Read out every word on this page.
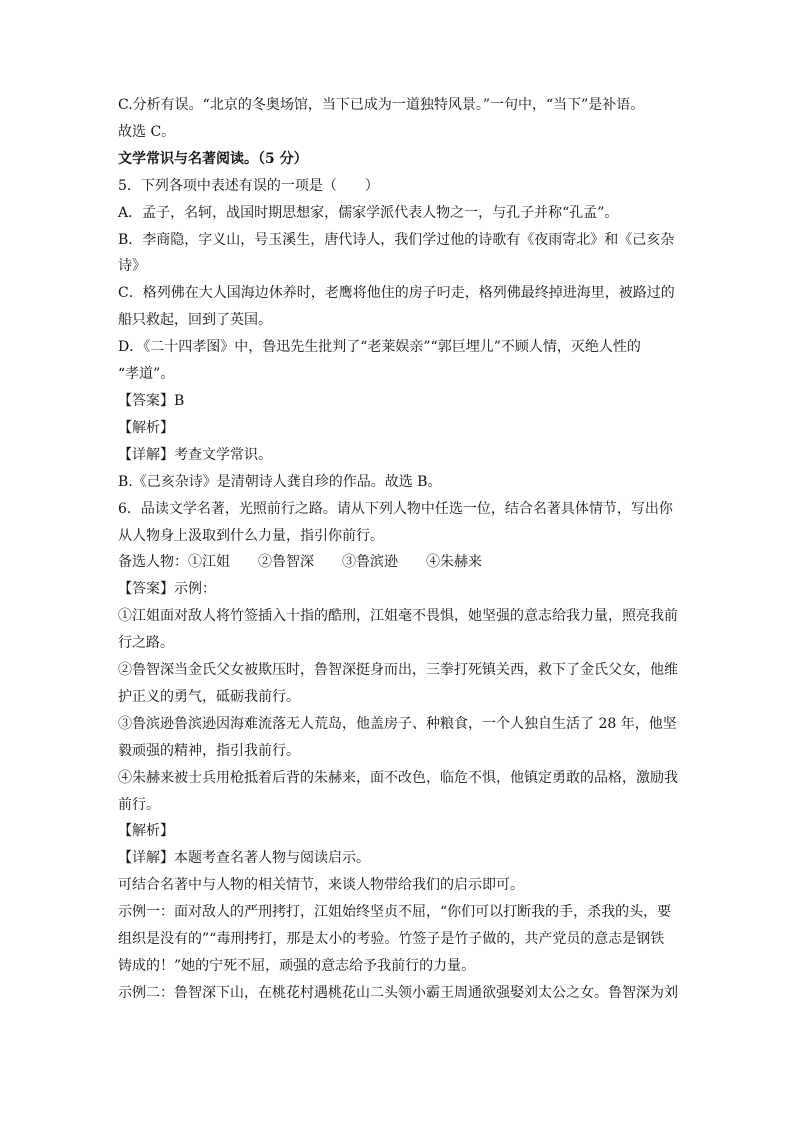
C.分析有误。“北京的冬奥场馆，当下已成为一道独特风景。”一句中，“当下”是补语。
故选 C。
文学常识与名著阅读。（5 分）
5．下列各项中表述有误的一项是（　　）
A．孟子，名轲，战国时期思想家，儒家学派代表人物之一，与孔子并称“孔孟”。
B．李商隐，字义山，号玉溪生，唐代诗人，我们学过他的诗歌有《夜雨寄北》和《己亥杂
诗》
C．格列佛在大人国海边休养时，老鹰将他住的房子叼走，格列佛最终掉进海里，被路过的
船只救起，回到了英国。
D．《二十四孝图》中，鲁迅先生批判了“老莱娱亲”“郭巨埋儿”不顾人情，灭绝人性的
“孝道”。
【答案】B
【解析】
【详解】考查文学常识。
B.《己亥杂诗》是清朝诗人龚自珍的作品。故选 B。
6．品读文学名著，光照前行之路。请从下列人物中任选一位，结合名著具体情节，写出你
从人物身上汲取到什么力量，指引你前行。
备选人物：①江姐　　②鲁智深　　③鲁滨逊　　④朱赫来
【答案】示例：
①江姐面对敌人将竹签插入十指的酷刑，江姐毫不畏惧，她坚强的意志给我力量，照亮我前
行之路。
②鲁智深当金氏父女被欺压时，鲁智深挺身而出，三拳打死镇关西，救下了金氏父女，他维
护正义的勇气，砥砺我前行。
③鲁滨逊鲁滨逊因海难流落无人荒岛，他盖房子、种粮食，一个人独自生活了 28 年，他坚
毅顽强的精神，指引我前行。
④朱赫来被士兵用枪抵着后背的朱赫来，面不改色，临危不惧，他镇定勇敢的品格，激励我
前行。
【解析】
【详解】本题考查名著人物与阅读启示。
可结合名著中与人物的相关情节，来谈人物带给我们的启示即可。
示例一：面对敌人的严刑拷打，江姐始终坚贞不屈，“你们可以打断我的手，杀我的头，要
组织是没有的”“毒刑拷打，那是太小的考验。竹签子是竹子做的，共产党员的意志是钢铁
铸成的！”她的宁死不屈，顽强的意志给予我前行的力量。
示例二：鲁智深下山，在桃花村遇桃花山二头领小霸王周通欲强娶刘太公之女。鲁智深为刘
